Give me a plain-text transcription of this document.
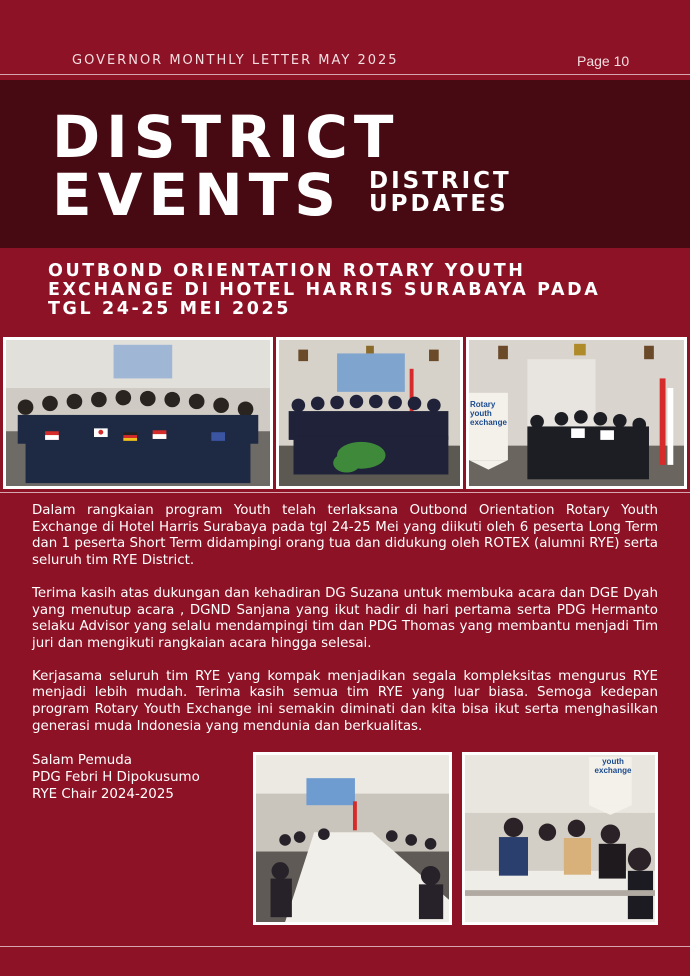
GOVERNOR MONTHLY LETTER MAY 2025	Page 10
DISTRICT
EVENTS DISTRICT
UPDATES
OUTBOND ORIENTATION ROTARY YOUTH
EXCHANGE DI HOTEL HARRIS SURABAYA PADA
TGL 24-25 MEI 2025
Rotary
youth
exchange

Dalam rangkaian program Youth telah terlaksana Outbond Orientation Rotary Youth Exchange di Hotel Harris Surabaya pada tgl 24-25 Mei yang diikuti oleh 6 peserta Long Term dan 1 peserta Short Term didampingi orang tua dan didukung oleh ROTEX (alumni RYE) serta seluruh tim RYE District.

Terima kasih atas dukungan dan kehadiran DG Suzana untuk membuka acara dan DGE Dyah yang menutup acara , DGND Sanjana yang ikut hadir di hari pertama serta PDG Hermanto selaku Advisor yang selalu mendampingi tim dan PDG Thomas yang membantu menjadi Tim juri dan mengikuti rangkaian acara hingga selesai.

Kerjasama seluruh tim RYE yang kompak menjadikan segala kompleksitas mengurus RYE menjadi lebih mudah. Terima kasih semua tim RYE yang luar biasa. Semoga kedepan program Rotary Youth Exchange ini semakin diminati dan kita bisa ikut serta menghasilkan generasi muda Indonesia yang mendunia dan berkualitas.

Salam Pemuda
PDG Febri H Dipokusumo
RYE Chair 2024-2025
youth
exchange
